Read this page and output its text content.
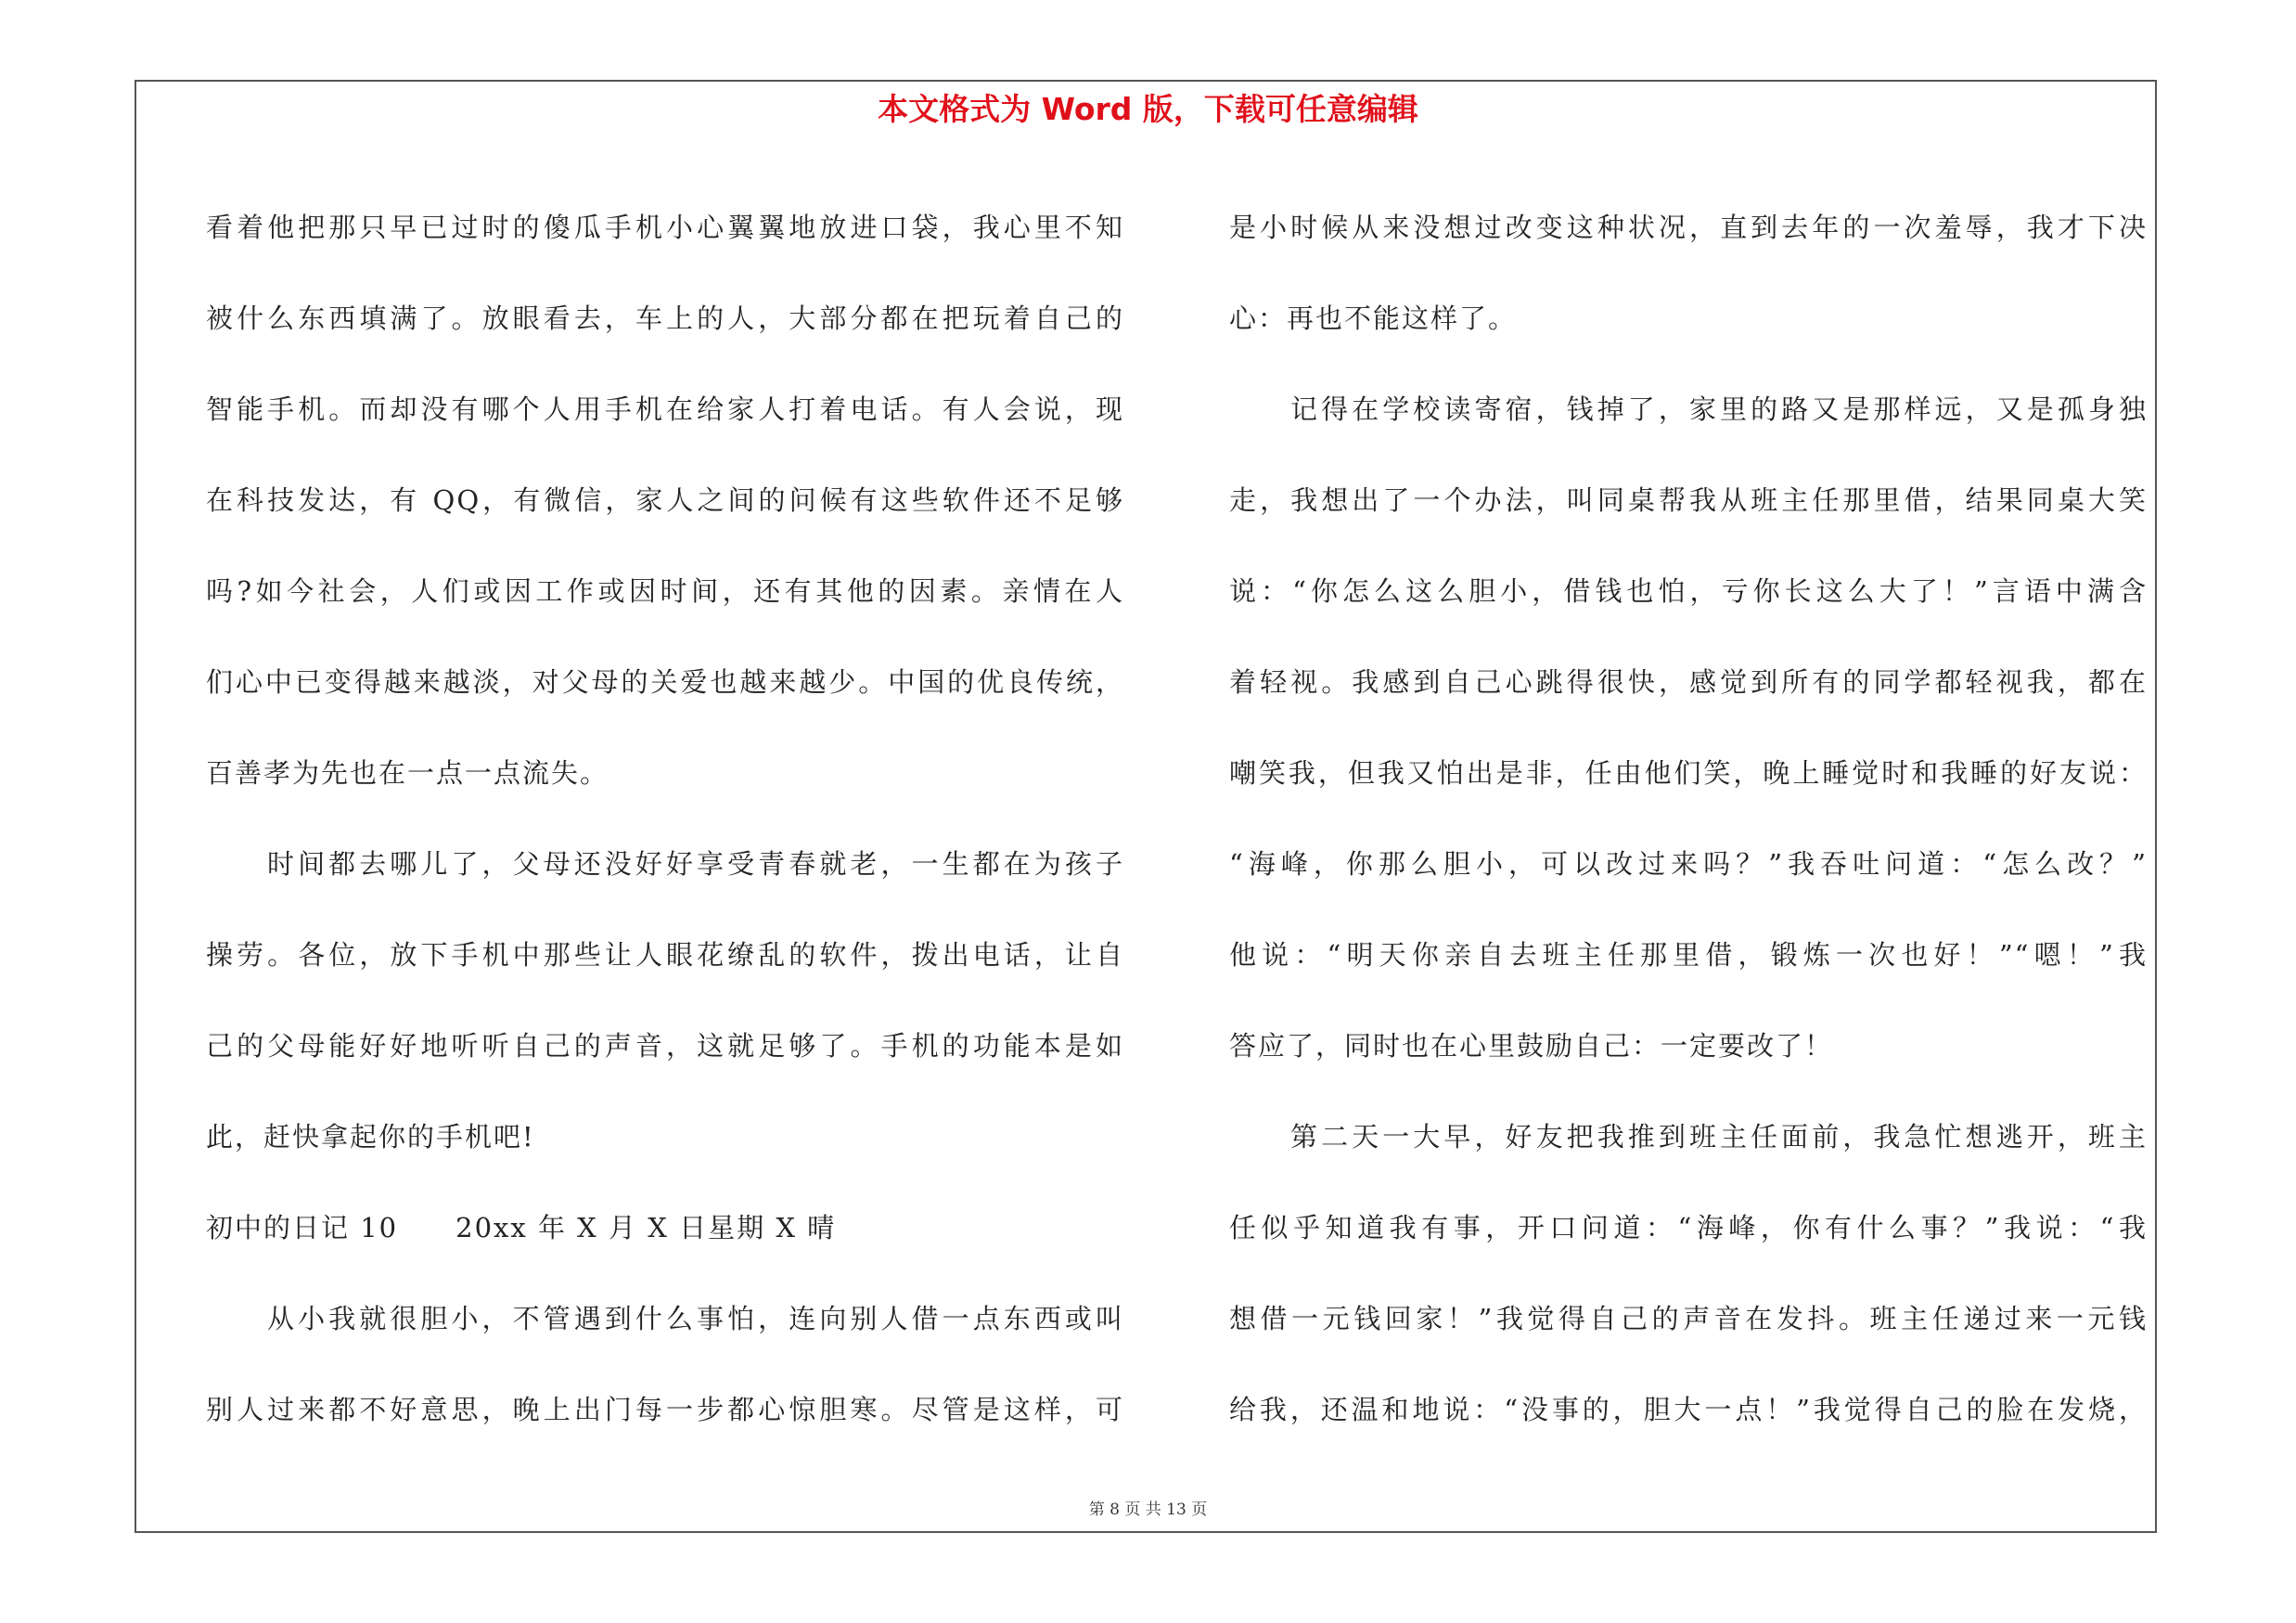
本文格式为 Word 版，下载可任意编辑
看着他把那只早已过时的傻瓜手机小心翼翼地放进口袋，我心里不知
被什么东西填满了。放眼看去，车上的人，大部分都在把玩着自己的
智能手机。而却没有哪个人用手机在给家人打着电话。有人会说，现
在科技发达，有 QQ，有微信，家人之间的问候有这些软件还不足够
吗?如今社会，人们或因工作或因时间，还有其他的因素。亲情在人
们心中已变得越来越淡，对父母的关爱也越来越少。中国的优良传统，
百善孝为先也在一点一点流失。
时间都去哪儿了，父母还没好好享受青春就老，一生都在为孩子
操劳。各位，放下手机中那些让人眼花缭乱的软件，拨出电话，让自
己的父母能好好地听听自己的声音，这就足够了。手机的功能本是如
此，赶快拿起你的手机吧!
初中的日记 10　　20xx 年 X 月 X 日星期 X 晴
从小我就很胆小，不管遇到什么事怕，连向别人借一点东西或叫
别人过来都不好意思，晚上出门每一步都心惊胆寒。尽管是这样，可
是小时候从来没想过改变这种状况，直到去年的一次羞辱，我才下决
心：再也不能这样了。
记得在学校读寄宿，钱掉了，家里的路又是那样远，又是孤身独
走，我想出了一个办法，叫同桌帮我从班主任那里借，结果同桌大笑
说：“你怎么这么胆小，借钱也怕，亏你长这么大了！”言语中满含
着轻视。我感到自己心跳得很快，感觉到所有的同学都轻视我，都在
嘲笑我，但我又怕出是非，任由他们笑，晚上睡觉时和我睡的好友说：
“海峰，你那么胆小，可以改过来吗？”我吞吐问道：“怎么改？”
他说：“明天你亲自去班主任那里借，锻炼一次也好！”“嗯！”我
答应了，同时也在心里鼓励自己：一定要改了！
第二天一大早，好友把我推到班主任面前，我急忙想逃开，班主
任似乎知道我有事，开口问道：“海峰，你有什么事？”我说：“我
想借一元钱回家！”我觉得自己的声音在发抖。班主任递过来一元钱
给我，还温和地说：“没事的，胆大一点！”我觉得自己的脸在发烧，
第 8 页 共 13 页
